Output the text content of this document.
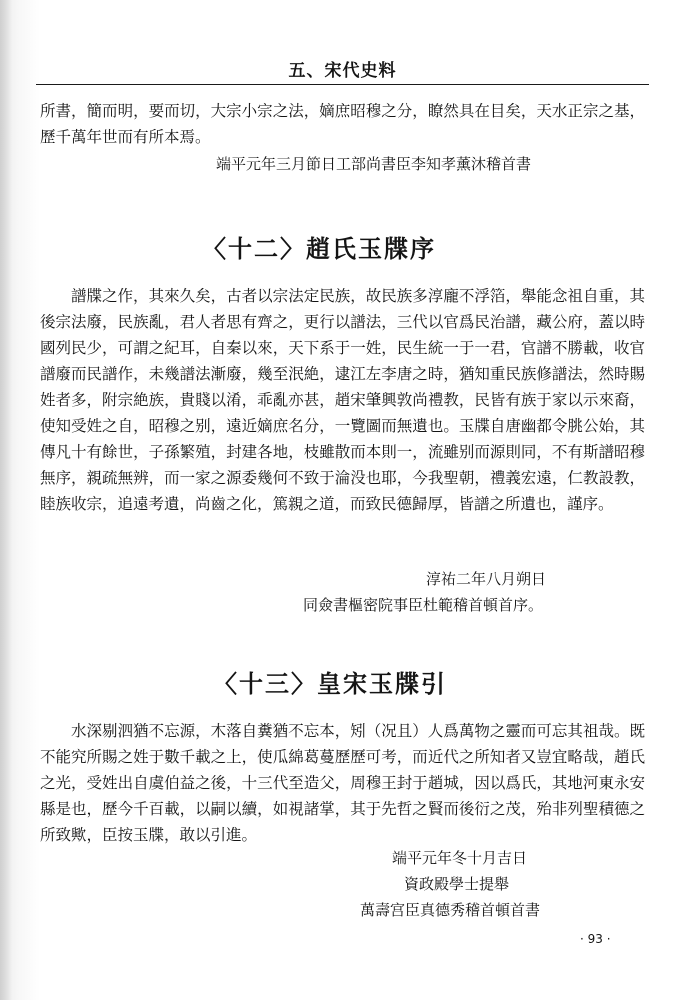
五、宋代史料

所書，簡而明，要而切，大宗小宗之法，嫡庶昭穆之分，瞭然具在目矣，天水正宗之基，歷千萬年世而有所本焉。

端平元年三月節日工部尚書臣李知孝薰沐稽首書

〈十二〉趙氏玉牒序

譜牒之作，其來久矣，古者以宗法定民族，故民族多淳龐不浮箔，舉能念祖自重，其後宗法廢，民族亂，君人者思有齊之，更行以譜法，三代以官爲民治譜，藏公府，蓋以時國列民少，可謂之紀耳，自秦以來，天下系于一姓，民生統一于一君，官譜不勝載，收官譜廢而民譜作，未幾譜法漸廢，幾至泯絶，逮江左李唐之時，猶知重民族修譜法，然時賜姓者多，附宗絶族，貴賤以淆，乖亂亦甚，趙宋肇興敦尚禮教，民皆有族于家以示來裔，使知受姓之自，昭穆之别，遠近嫡庶名分，一覽圖而無遺也。玉牒自唐幽都令朓公始，其傳凡十有餘世，子孫繁殖，封建各地，枝雖散而本則一，流雖别而源則同，不有斯譜昭穆無序，親疏無辨，而一家之源委幾何不致于淪没也耶，今我聖朝，禮義宏遠，仁教設教，睦族收宗，追遠考遺，尚齒之化，篤親之道，而致民德歸厚，皆譜之所遺也，謹序。

淳祐二年八月朔日

同僉書樞密院事臣杜範稽首頓首序。

〈十三〉皇宋玉牒引

水深剔泗猶不忘源，木落自糞猶不忘本，矧（况且）人爲萬物之靈而可忘其祖哉。既不能究所賜之姓于數千載之上，使瓜綿葛蔓歷歷可考，而近代之所知者又豈宜略哉，趙氏之光，受姓出自虞伯益之後，十三代至造父，周穆王封于趙城，因以爲氏，其地河東永安縣是也，歷今千百載，以嗣以續，如視諸掌，其于先哲之賢而後衍之茂，殆非列聖積德之所致歟，臣按玉牒，敢以引進。

端平元年冬十月吉日

資政殿學士提舉

萬壽宫臣真德秀稽首頓首書

· 93 ·
